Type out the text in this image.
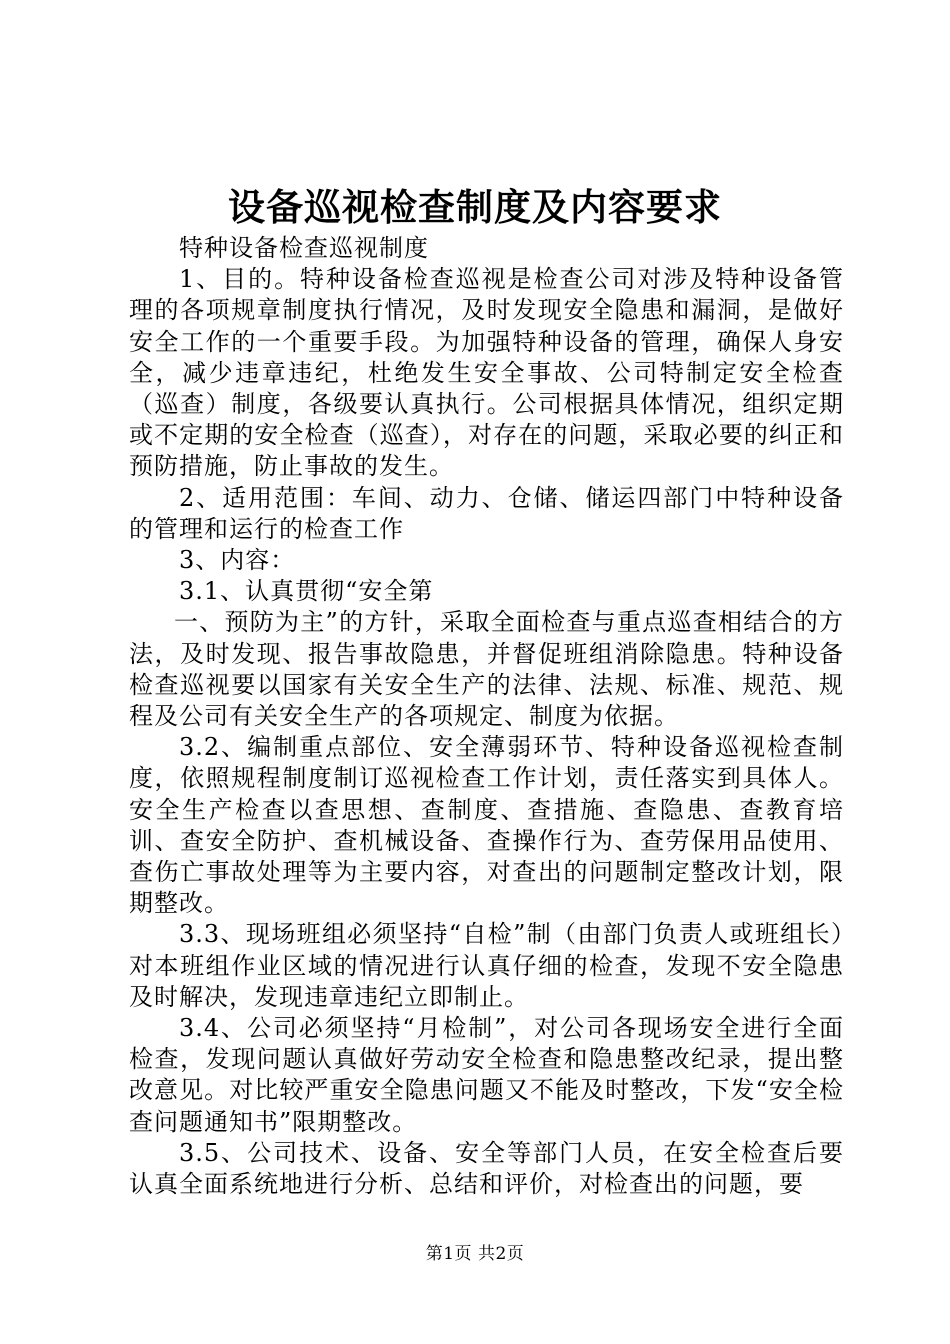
设备巡视检查制度及内容要求

特种设备检查巡视制度

1、目的。特种设备检查巡视是检查公司对涉及特种设备管理的各项规章制度执行情况，及时发现安全隐患和漏洞，是做好安全工作的一个重要手段。为加强特种设备的管理，确保人身安全，减少违章违纪，杜绝发生安全事故、公司特制定安全检查（巡查）制度，各级要认真执行。公司根据具体情况，组织定期或不定期的安全检查（巡查），对存在的问题，采取必要的纠正和预防措施，防止事故的发生。

2、适用范围：车间、动力、仓储、储运四部门中特种设备的管理和运行的检查工作

3、内容：

3.1、认真贯彻“安全第

一、预防为主”的方针，采取全面检查与重点巡查相结合的方法，及时发现、报告事故隐患，并督促班组消除隐患。特种设备检查巡视要以国家有关安全生产的法律、法规、标准、规范、规程及公司有关安全生产的各项规定、制度为依据。

3.2、编制重点部位、安全薄弱环节、特种设备巡视检查制度，依照规程制度制订巡视检查工作计划，责任落实到具体人。安全生产检查以查思想、查制度、查措施、查隐患、查教育培训、查安全防护、查机械设备、查操作行为、查劳保用品使用、查伤亡事故处理等为主要内容，对查出的问题制定整改计划，限期整改。

3.3、现场班组必须坚持“自检”制（由部门负责人或班组长）对本班组作业区域的情况进行认真仔细的检查，发现不安全隐患及时解决，发现违章违纪立即制止。

3.4、公司必须坚持“月检制”，对公司各现场安全进行全面检查，发现问题认真做好劳动安全检查和隐患整改纪录，提出整改意见。对比较严重安全隐患问题又不能及时整改，下发“安全检查问题通知书”限期整改。

3.5、公司技术、设备、安全等部门人员，在安全检查后要认真全面系统地进行分析、总结和评价，对检查出的问题，要

第1页 共2页
